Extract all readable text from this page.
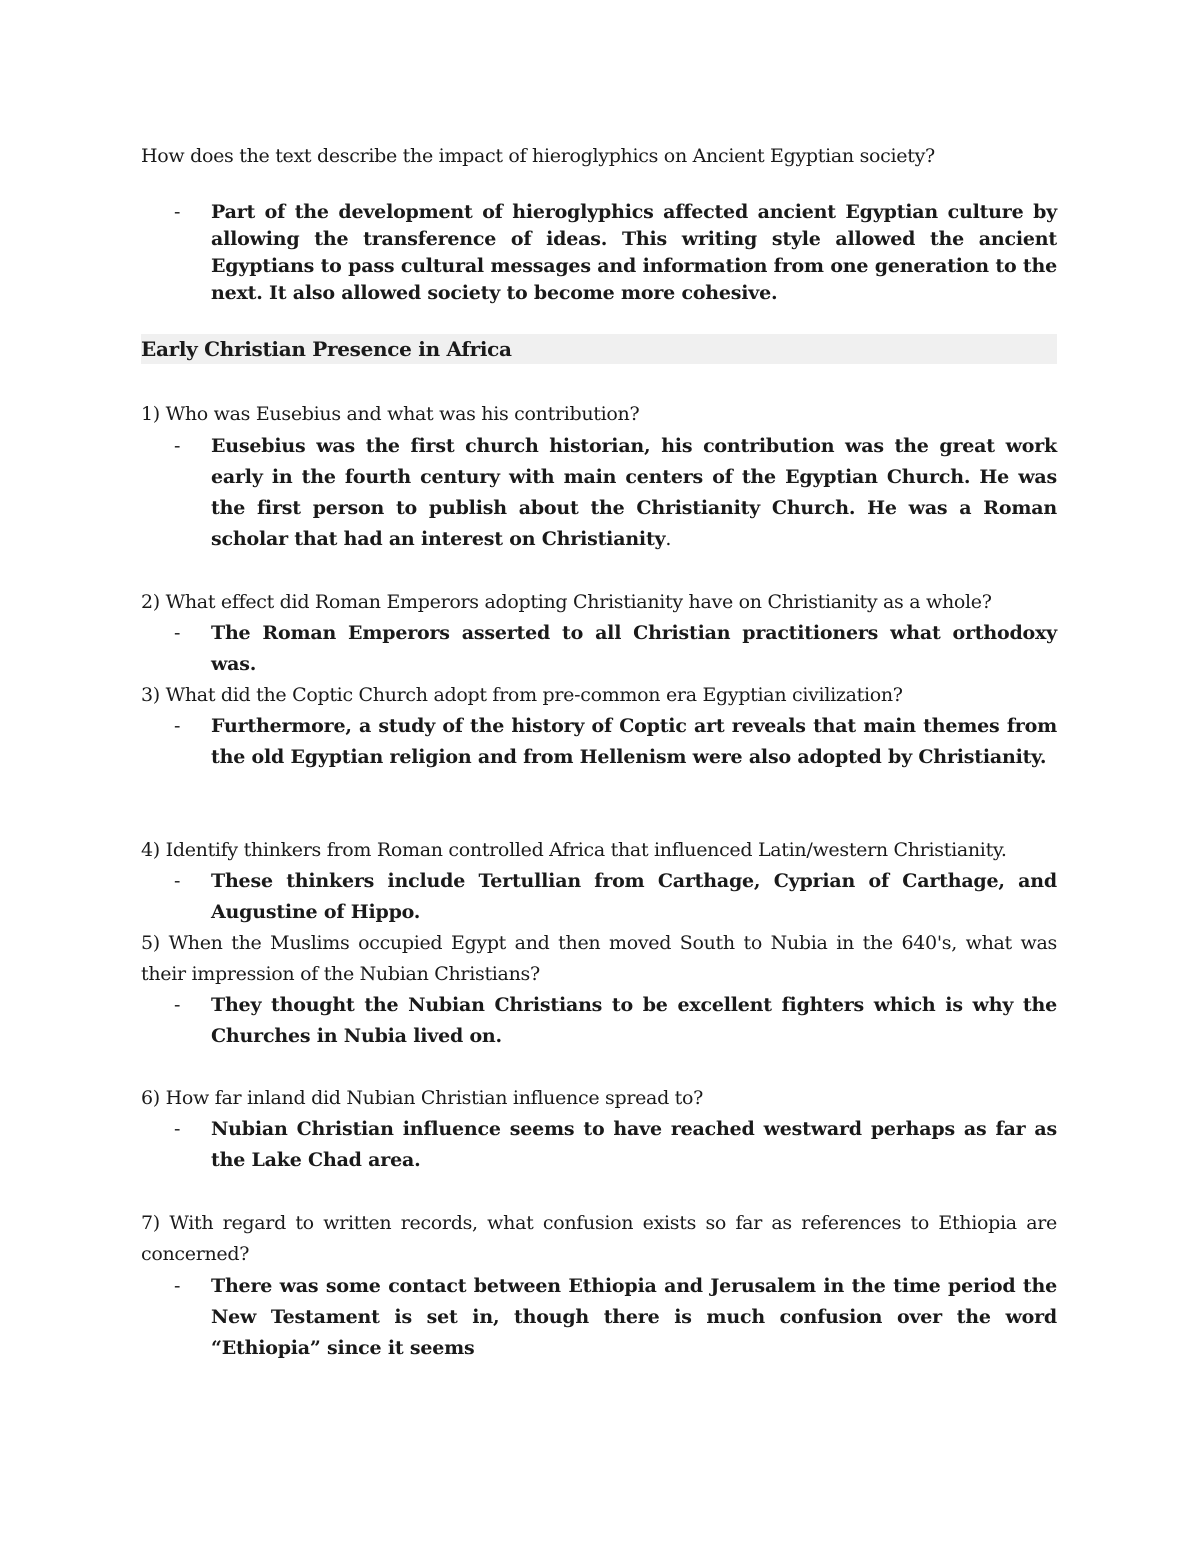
How does the text describe the impact of hieroglyphics on Ancient Egyptian society?

-	Part of the development of hieroglyphics affected ancient Egyptian culture by allowing the transference of ideas. This writing style allowed the ancient Egyptians to pass cultural messages and information from one generation to the next. It also allowed society to become more cohesive.
Early Christian Presence in Africa

1) Who was Eusebius and what was his contribution?

-	Eusebius was the first church historian, his contribution was the great work early in the fourth century with main centers of the Egyptian Church. He was the first person to publish about the Christianity Church. He was a Roman scholar that had an interest on Christianity.

2) What effect did Roman Emperors adopting Christianity have on Christianity as a whole?

-	The Roman Emperors asserted to all Christian practitioners what orthodoxy was.

3) What did the Coptic Church adopt from pre-common era Egyptian civilization?

-	Furthermore, a study of the history of Coptic art reveals that main themes from the old Egyptian religion and from Hellenism were also adopted by Christianity.

4) Identify thinkers from Roman controlled Africa that influenced Latin/western Christianity.

-	These thinkers include Tertullian from Carthage, Cyprian of Carthage, and Augustine of Hippo.

5) When the Muslims occupied Egypt and then moved South to Nubia in the 640's, what was their impression of the Nubian Christians?

-	They thought the Nubian Christians to be excellent fighters which is why the Churches in Nubia lived on.

6) How far inland did Nubian Christian influence spread to?

-	Nubian Christian influence seems to have reached westward perhaps as far as the Lake Chad area.

7) With regard to written records, what confusion exists so far as references to Ethiopia are concerned?

-	There was some contact between Ethiopia and Jerusalem in the time period the New Testament is set in, though there is much confusion over the word “Ethiopia” since it seems
